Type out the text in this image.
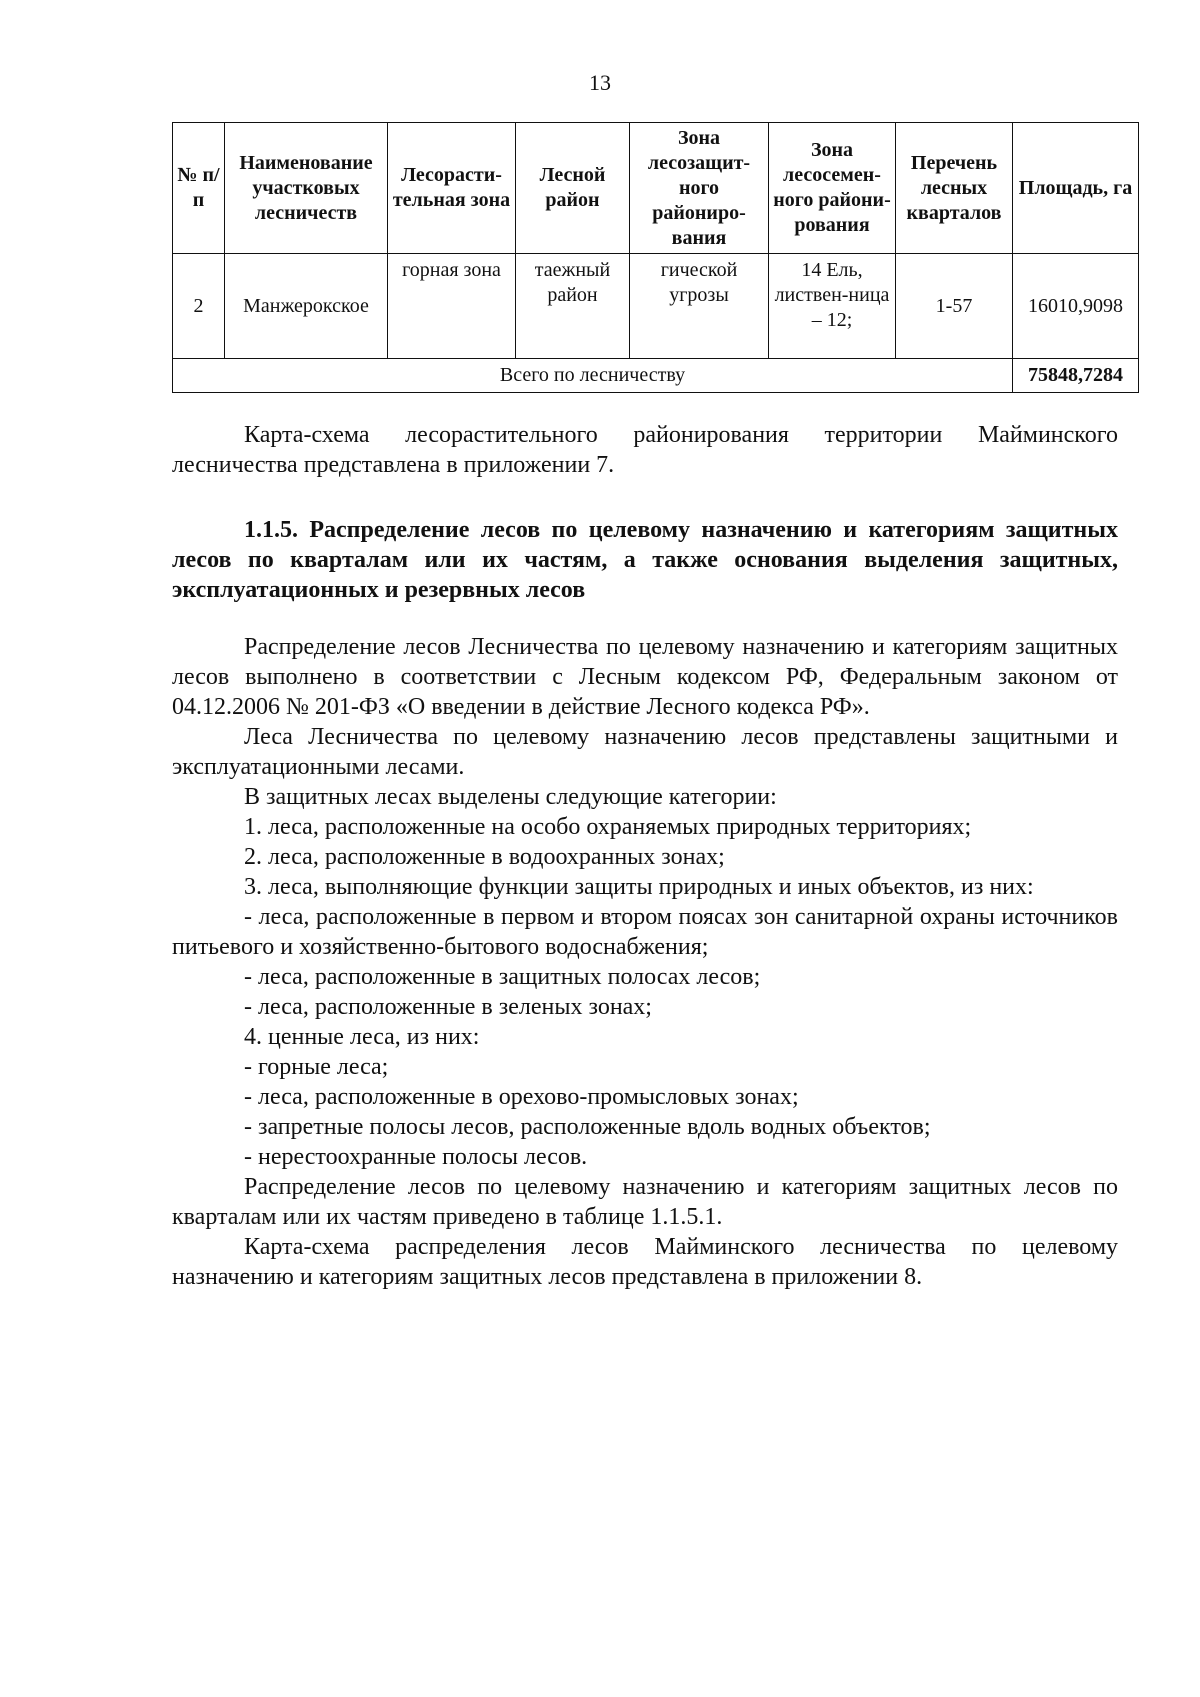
13
№ п/п	Наименование участковых лесничеств	Лесорасти-тельная зона	Лесной район	Зона лесозащит-ного райониро-вания	Зона лесосемен-ного райони-рования	Перечень лесных кварталов	Площадь, га
2	Манжерокское	горная зона	таежный район	гической угрозы	14 Ель, листвен-ница – 12;	1-57	16010,9098
Всего по лесничеству							75848,7284

Карта-схема лесорастительного районирования территории Майминского лесничества представлена в приложении 7.

1.1.5. Распределение лесов по целевому назначению и категориям защитных лесов по кварталам или их частям, а также основания выделения защитных, эксплуатационных и резервных лесов

Распределение лесов Лесничества по целевому назначению и категориям защитных лесов выполнено в соответствии с Лесным кодексом РФ, Федеральным законом от 04.12.2006 № 201-ФЗ «О введении в действие Лесного кодекса РФ».

Леса Лесничества по целевому назначению лесов представлены защитными и эксплуатационными лесами.

В защитных лесах выделены следующие категории:

1. леса, расположенные на особо охраняемых природных территориях;

2. леса, расположенные в водоохранных зонах;

3. леса, выполняющие функции защиты природных и иных объектов, из них:

- леса, расположенные в первом и втором поясах зон санитарной охраны источников питьевого и хозяйственно-бытового водоснабжения;

- леса, расположенные в защитных полосах лесов;

- леса, расположенные в зеленых зонах;

4. ценные леса, из них:

- горные леса;

- леса, расположенные в орехово-промысловых зонах;

- запретные полосы лесов, расположенные вдоль водных объектов;

- нерестоохранные полосы лесов.

Распределение лесов по целевому назначению и категориям защитных лесов по кварталам или их частям приведено в таблице 1.1.5.1.

Карта-схема распределения лесов Майминского лесничества по целевому назначению и категориям защитных лесов представлена в приложении 8.
